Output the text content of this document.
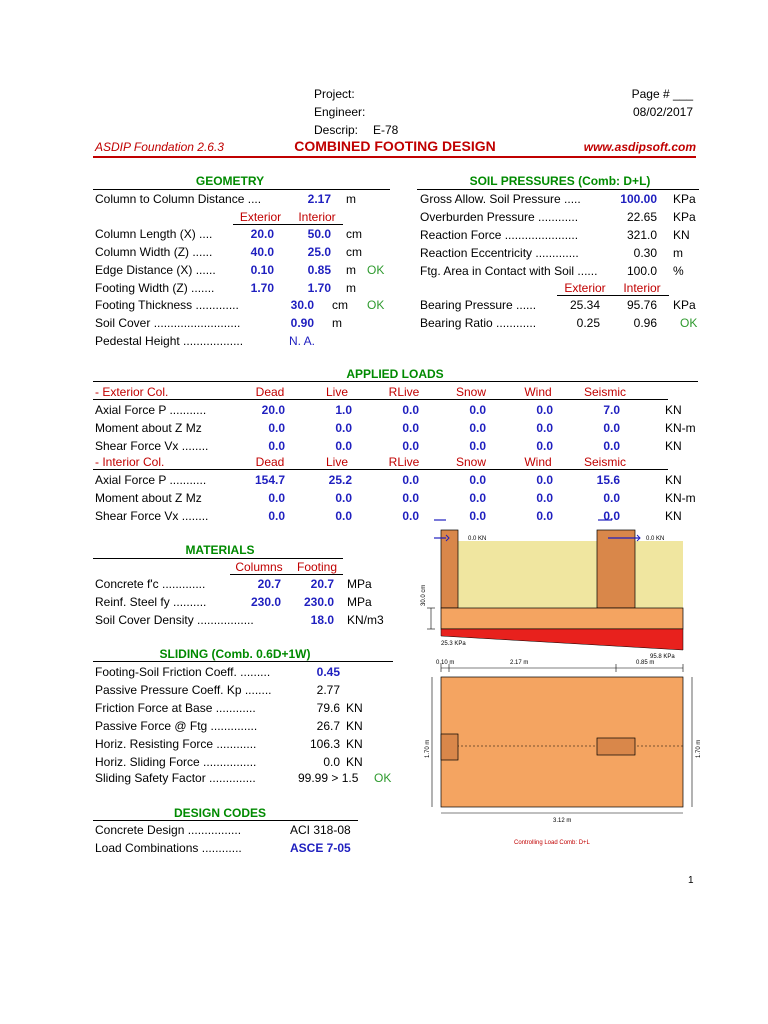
Project:
Engineer:
Descrip: E-78
Page # ___
08/02/2017
ASDIP Foundation 2.6.3	COMBINED FOOTING DESIGN	www.asdipsoft.com
GEOMETRY
Column to Column Distance ....	2.17 m
Exterior	Interior
Column Length (X) ....	20.0	50.0 cm
Column Width (Z) ......	40.0	25.0 cm
Edge Distance (X) ......	0.10	0.85 m OK
Footing Width (Z) .......	1.70	1.70 m
Footing Thickness .............	30.0 cm OK
Soil Cover ..........................	0.90 m
Pedestal Height ..................	N. A.
SOIL PRESSURES (Comb: D+L)
Gross Allow. Soil Pressure .....	100.00 KPa
Overburden Pressure ............	22.65 KPa
Reaction Force ......................	321.0 KN
Reaction Eccentricity .............	0.30 m
Ftg. Area in Contact with Soil ......	100.0 %
Exterior	Interior
Bearing Pressure ......	25.34	95.76 KPa
Bearing Ratio ............	0.25	0.96 OK
APPLIED LOADS
- Exterior Col.	Dead	Live	RLive	Snow	Wind	Seismic
Axial Force P ...........	20.0	1.0	0.0	0.0	0.0	7.0	KN
Moment about Z Mz	0.0	0.0	0.0	0.0	0.0	0.0	KN-m
Shear Force Vx ........	0.0	0.0	0.0	0.0	0.0	0.0	KN
- Interior Col.	Dead	Live	RLive	Snow	Wind	Seismic
Axial Force P ...........	154.7	25.2	0.0	0.0	0.0	15.6	KN
Moment about Z Mz	0.0	0.0	0.0	0.0	0.0	0.0	KN-m
Shear Force Vx ........	0.0	0.0	0.0	0.0	0.0	0.0	KN
MATERIALS
Columns	Footing
Concrete f'c .............	20.7	20.7 MPa
Reinf. Steel fy ..........	230.0	230.0 MPa
Soil Cover Density .................	18.0 KN/m3
SLIDING (Comb. 0.6D+1W)
Footing-Soil Friction Coeff. .........	0.45
Passive Pressure Coeff. Kp ........	2.77
Friction Force at Base ............	79.6 KN
Passive Force @ Ftg ..............	26.7 KN
Horiz. Resisting Force ............	106.3 KN
Horiz. Sliding Force ................	0.0 KN
Sliding Safety Factor ..............	99.99 > 1.5 OK
DESIGN CODES
Concrete Design ................	ACI 318-08
Load Combinations ............	ASCE 7-05
0.0 KN	0.0 KN
30.0 cm
25.3 KPa
95.8 KPa
0.10 m	2.17 m	0.85 m
1.70 m	1.70 m
3.12 m
Controlling Load Comb: D+L
1
